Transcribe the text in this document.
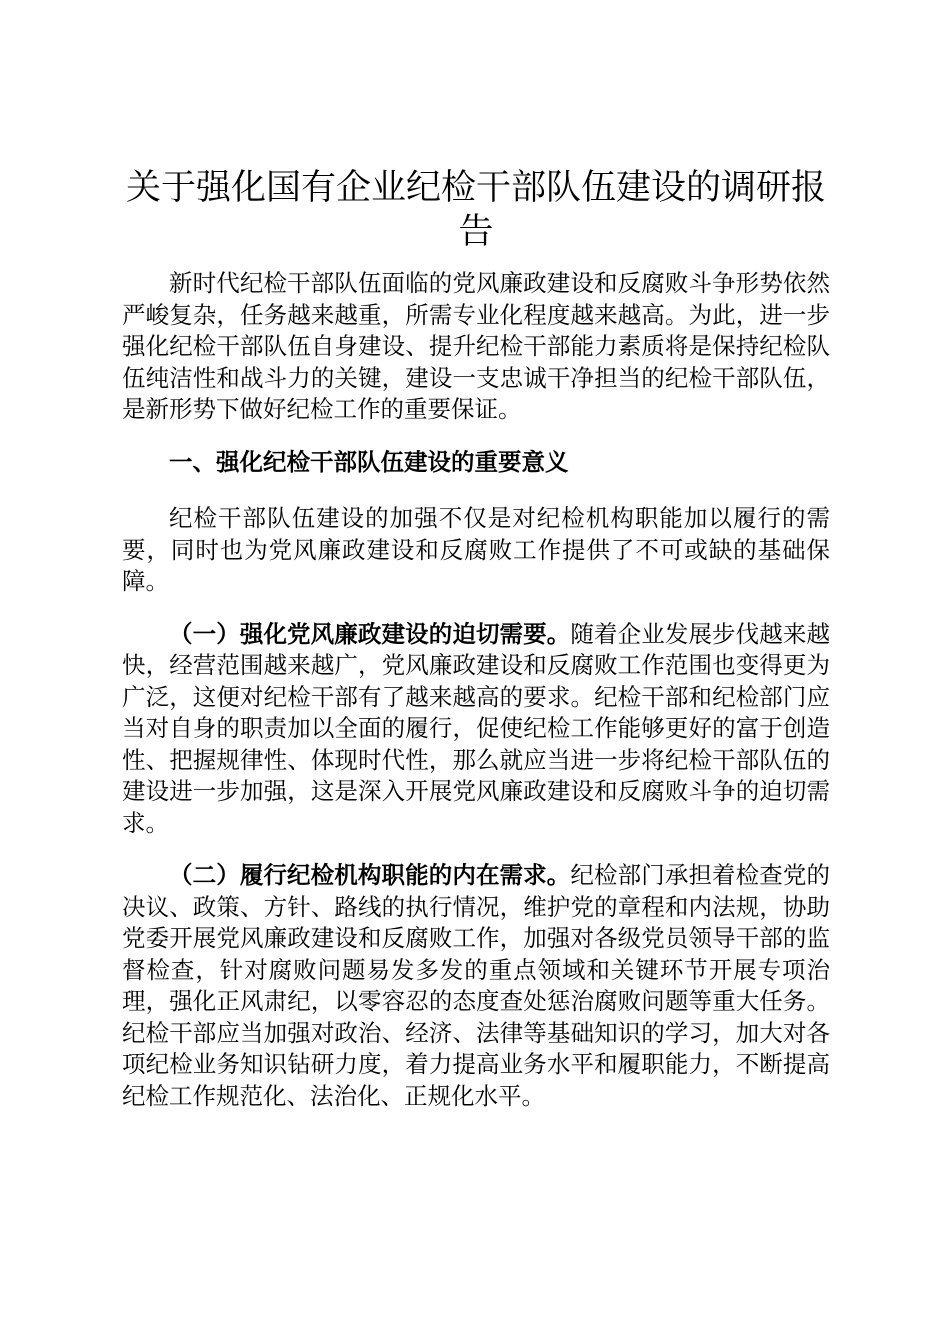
关于强化国有企业纪检干部队伍建设的调研报告

新时代纪检干部队伍面临的党风廉政建设和反腐败斗争形势依然严峻复杂，任务越来越重，所需专业化程度越来越高。为此，进一步强化纪检干部队伍自身建设、提升纪检干部能力素质将是保持纪检队伍纯洁性和战斗力的关键，建设一支忠诚干净担当的纪检干部队伍，是新形势下做好纪检工作的重要保证。

一、强化纪检干部队伍建设的重要意义

纪检干部队伍建设的加强不仅是对纪检机构职能加以履行的需要，同时也为党风廉政建设和反腐败工作提供了不可或缺的基础保障。

（一）强化党风廉政建设的迫切需要。随着企业发展步伐越来越快，经营范围越来越广，党风廉政建设和反腐败工作范围也变得更为广泛，这便对纪检干部有了越来越高的要求。纪检干部和纪检部门应当对自身的职责加以全面的履行，促使纪检工作能够更好的富于创造性、把握规律性、体现时代性，那么就应当进一步将纪检干部队伍的建设进一步加强，这是深入开展党风廉政建设和反腐败斗争的迫切需求。

（二）履行纪检机构职能的内在需求。纪检部门承担着检查党的决议、政策、方针、路线的执行情况，维护党的章程和内法规，协助党委开展党风廉政建设和反腐败工作，加强对各级党员领导干部的监督检查，针对腐败问题易发多发的重点领域和关键环节开展专项治理，强化正风肃纪，以零容忍的态度查处惩治腐败问题等重大任务。纪检干部应当加强对政治、经济、法律等基础知识的学习，加大对各项纪检业务知识钻研力度，着力提高业务水平和履职能力，不断提高纪检工作规范化、法治化、正规化水平。
